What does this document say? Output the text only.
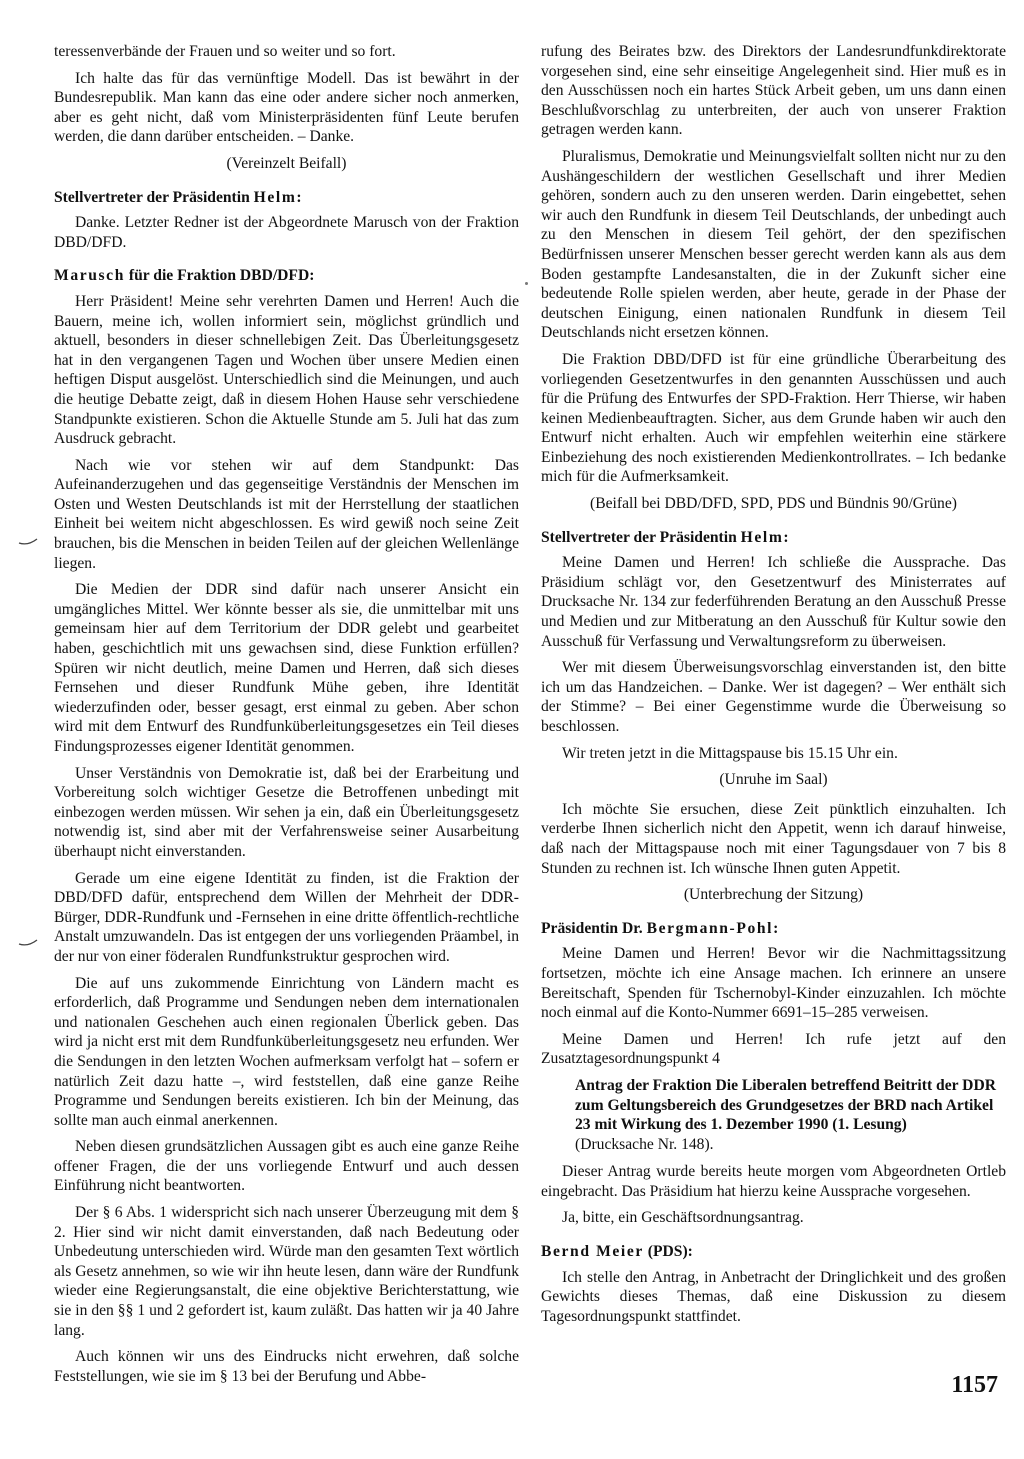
teressenverbände der Frauen und so weiter und so fort.

Ich halte das für das vernünftige Modell. Das ist bewährt in der Bundesrepublik. Man kann das eine oder andere sicher noch anmerken, aber es geht nicht, daß vom Ministerpräsidenten fünf Leute berufen werden, die dann darüber entscheiden. – Danke.

(Vereinzelt Beifall)

Stellvertreter der Präsidentin Helm:

Danke. Letzter Redner ist der Abgeordnete Marusch von der Fraktion DBD/DFD.

Marusch für die Fraktion DBD/DFD:

Herr Präsident! Meine sehr verehrten Damen und Herren! Auch die Bauern, meine ich, wollen informiert sein, möglichst gründlich und aktuell, besonders in dieser schnellebigen Zeit. Das Überleitungsgesetz hat in den vergangenen Tagen und Wochen über unsere Medien einen heftigen Disput ausgelöst. Unterschiedlich sind die Meinungen, und auch die heutige Debatte zeigt, daß in diesem Hohen Hause sehr verschiedene Standpunkte existieren. Schon die Aktuelle Stunde am 5. Juli hat das zum Ausdruck gebracht.

Nach wie vor stehen wir auf dem Standpunkt: Das Aufeinanderzugehen und das gegenseitige Verständnis der Menschen im Osten und Westen Deutschlands ist mit der Herrstellung der staatlichen Einheit bei weitem nicht abgeschlossen. Es wird gewiß noch seine Zeit brauchen, bis die Menschen in beiden Teilen auf der gleichen Wellenlänge liegen.

Die Medien der DDR sind dafür nach unserer Ansicht ein umgängliches Mittel. Wer könnte besser als sie, die unmittelbar mit uns gemeinsam hier auf dem Territorium der DDR gelebt und gearbeitet haben, geschichtlich mit uns gewachsen sind, diese Funktion erfüllen? Spüren wir nicht deutlich, meine Damen und Herren, daß sich dieses Fernsehen und dieser Rundfunk Mühe geben, ihre Identität wiederzufinden oder, besser gesagt, erst einmal zu geben. Aber schon wird mit dem Entwurf des Rundfunküberleitungsgesetzes ein Teil dieses Findungsprozesses eigener Identität genommen.

Unser Verständnis von Demokratie ist, daß bei der Erarbeitung und Vorbereitung solch wichtiger Gesetze die Betroffenen unbedingt mit einbezogen werden müssen. Wir sehen ja ein, daß ein Überleitungsgesetz notwendig ist, sind aber mit der Verfahrensweise seiner Ausarbeitung überhaupt nicht einverstanden.

Gerade um eine eigene Identität zu finden, ist die Fraktion der DBD/DFD dafür, entsprechend dem Willen der Mehrheit der DDR-Bürger, DDR-Rundfunk und -Fernsehen in eine dritte öffentlich-rechtliche Anstalt umzuwandeln. Das ist entgegen der uns vorliegenden Präambel, in der nur von einer föderalen Rundfunkstruktur gesprochen wird.

Die auf uns zukommende Einrichtung von Ländern macht es erforderlich, daß Programme und Sendungen neben dem internationalen und nationalen Geschehen auch einen regionalen Überlick geben. Das wird ja nicht erst mit dem Rundfunküberleitungsgesetz neu erfunden. Wer die Sendungen in den letzten Wochen aufmerksam verfolgt hat – sofern er natürlich Zeit dazu hatte –, wird feststellen, daß eine ganze Reihe Programme und Sendungen bereits existieren. Ich bin der Meinung, das sollte man auch einmal anerkennen.

Neben diesen grundsätzlichen Aussagen gibt es auch eine ganze Reihe offener Fragen, die der uns vorliegende Entwurf und auch dessen Einführung nicht beantworten.

Der § 6 Abs. 1 widerspricht sich nach unserer Überzeugung mit dem § 2. Hier sind wir nicht damit einverstanden, daß nach Bedeutung oder Unbedeutung unterschieden wird. Würde man den gesamten Text wörtlich als Gesetz annehmen, so wie wir ihn heute lesen, dann wäre der Rundfunk wieder eine Regierungsanstalt, die eine objektive Berichterstattung, wie sie in den §§ 1 und 2 gefordert ist, kaum zuläßt. Das hatten wir ja 40 Jahre lang.

Auch können wir uns des Eindrucks nicht erwehren, daß solche Feststellungen, wie sie im § 13 bei der Berufung und Abbe-

rufung des Beirates bzw. des Direktors der Landesrundfunkdirektorate vorgesehen sind, eine sehr einseitige Angelegenheit sind. Hier muß es in den Ausschüssen noch ein hartes Stück Arbeit geben, um uns dann einen Beschlußvorschlag zu unterbreiten, der auch von unserer Fraktion getragen werden kann.

Pluralismus, Demokratie und Meinungsvielfalt sollten nicht nur zu den Aushängeschildern der westlichen Gesellschaft und ihrer Medien gehören, sondern auch zu den unseren werden. Darin eingebettet, sehen wir auch den Rundfunk in diesem Teil Deutschlands, der unbedingt auch zu den Menschen in diesem Teil gehört, der den spezifischen Bedürfnissen unserer Menschen besser gerecht werden kann als aus dem Boden gestampfte Landesanstalten, die in der Zukunft sicher eine bedeutende Rolle spielen werden, aber heute, gerade in der Phase der deutschen Einigung, einen nationalen Rundfunk in diesem Teil Deutschlands nicht ersetzen können.

Die Fraktion DBD/DFD ist für eine gründliche Überarbeitung des vorliegenden Gesetzentwurfes in den genannten Ausschüssen und auch für die Prüfung des Entwurfes der SPD-Fraktion. Herr Thierse, wir haben keinen Medienbeauftragten. Sicher, aus dem Grunde haben wir auch den Entwurf nicht erhalten. Auch wir empfehlen weiterhin eine stärkere Einbeziehung des noch existierenden Medienkontrollrates. – Ich bedanke mich für die Aufmerksamkeit.

(Beifall bei DBD/DFD, SPD, PDS und Bündnis 90/Grüne)

Stellvertreter der Präsidentin Helm:

Meine Damen und Herren! Ich schließe die Aussprache. Das Präsidium schlägt vor, den Gesetzentwurf des Ministerrates auf Drucksache Nr. 134 zur federführenden Beratung an den Ausschuß Presse und Medien und zur Mitberatung an den Ausschuß für Kultur sowie den Ausschuß für Verfassung und Verwaltungsreform zu überweisen.

Wer mit diesem Überweisungsvorschlag einverstanden ist, den bitte ich um das Handzeichen. – Danke. Wer ist dagegen? – Wer enthält sich der Stimme? – Bei einer Gegenstimme wurde die Überweisung so beschlossen.

Wir treten jetzt in die Mittagspause bis 15.15 Uhr ein.

(Unruhe im Saal)

Ich möchte Sie ersuchen, diese Zeit pünktlich einzuhalten. Ich verderbe Ihnen sicherlich nicht den Appetit, wenn ich darauf hinweise, daß nach der Mittagspause noch mit einer Tagungsdauer von 7 bis 8 Stunden zu rechnen ist. Ich wünsche Ihnen guten Appetit.

(Unterbrechung der Sitzung)

Präsidentin Dr. Bergmann-Pohl:

Meine Damen und Herren! Bevor wir die Nachmittagssitzung fortsetzen, möchte ich eine Ansage machen. Ich erinnere an unsere Bereitschaft, Spenden für Tschernobyl-Kinder einzuzahlen. Ich möchte noch einmal auf die Konto-Nummer 6691–15–285 verweisen.

Meine Damen und Herren! Ich rufe jetzt auf den Zusatztagesordnungspunkt 4

Antrag der Fraktion Die Liberalen betreffend Beitritt der DDR zum Geltungsbereich des Grundgesetzes der BRD nach Artikel 23 mit Wirkung des 1. Dezember 1990 (1. Lesung)
(Drucksache Nr. 148).

Dieser Antrag wurde bereits heute morgen vom Abgeordneten Ortleb eingebracht. Das Präsidium hat hierzu keine Aussprache vorgesehen.

Ja, bitte, ein Geschäftsordnungsantrag.

Bernd Meier (PDS):

Ich stelle den Antrag, in Anbetracht der Dringlichkeit und des großen Gewichts dieses Themas, daß eine Diskussion zu diesem Tagesordnungspunkt stattfindet.

1157
